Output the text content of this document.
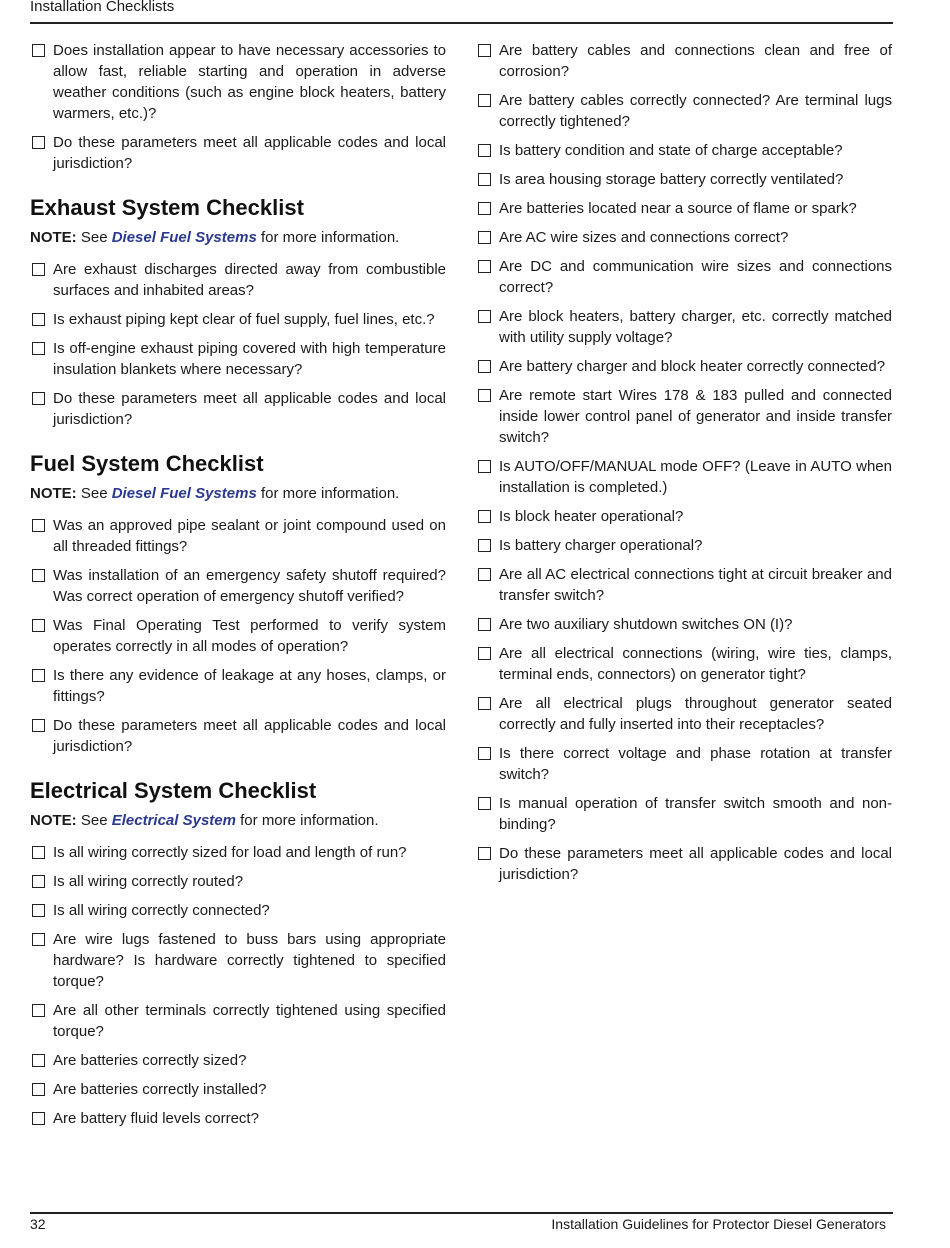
Installation Checklists
Does installation appear to have necessary accessories to allow fast, reliable starting and operation in adverse weather conditions (such as engine block heaters, battery warmers, etc.)?
Do these parameters meet all applicable codes and local jurisdiction?
Exhaust System Checklist

NOTE: See Diesel Fuel Systems for more information.

Are exhaust discharges directed away from combustible surfaces and inhabited areas?
Is exhaust piping kept clear of fuel supply, fuel lines, etc.?
Is off-engine exhaust piping covered with high temperature insulation blankets where necessary?
Do these parameters meet all applicable codes and local jurisdiction?
Fuel System Checklist

NOTE: See Diesel Fuel Systems for more information.

Was an approved pipe sealant or joint compound used on all threaded fittings?
Was installation of an emergency safety shutoff required? Was correct operation of emergency shutoff verified?
Was Final Operating Test performed to verify system operates correctly in all modes of operation?
Is there any evidence of leakage at any hoses, clamps, or fittings?
Do these parameters meet all applicable codes and local jurisdiction?
Electrical System Checklist

NOTE: See Electrical System for more information.

Is all wiring correctly sized for load and length of run?
Is all wiring correctly routed?
Is all wiring correctly connected?
Are wire lugs fastened to buss bars using appropriate hardware? Is hardware correctly tightened to specified torque?
Are all other terminals correctly tightened using specified torque?
Are batteries correctly sized?
Are batteries correctly installed?
Are battery fluid levels correct?
Are battery cables and connections clean and free of corrosion?
Are battery cables correctly connected? Are terminal lugs correctly tightened?
Is battery condition and state of charge acceptable?
Is area housing storage battery correctly ventilated?
Are batteries located near a source of flame or spark?
Are AC wire sizes and connections correct?
Are DC and communication wire sizes and connections correct?
Are block heaters, battery charger, etc. correctly matched with utility supply voltage?
Are battery charger and block heater correctly connected?
Are remote start Wires 178 & 183 pulled and connected inside lower control panel of generator and inside transfer switch?
Is AUTO/OFF/MANUAL mode OFF? (Leave in AUTO when installation is completed.)
Is block heater operational?
Is battery charger operational?
Are all AC electrical connections tight at circuit breaker and transfer switch?
Are two auxiliary shutdown switches ON (I)?
Are all electrical connections (wiring, wire ties, clamps, terminal ends, connectors) on generator tight?
Are all electrical plugs throughout generator seated correctly and fully inserted into their receptacles?
Is there correct voltage and phase rotation at transfer switch?
Is manual operation of transfer switch smooth and non-binding?
Do these parameters meet all applicable codes and local jurisdiction?
32	Installation Guidelines for Protector Diesel Generators
